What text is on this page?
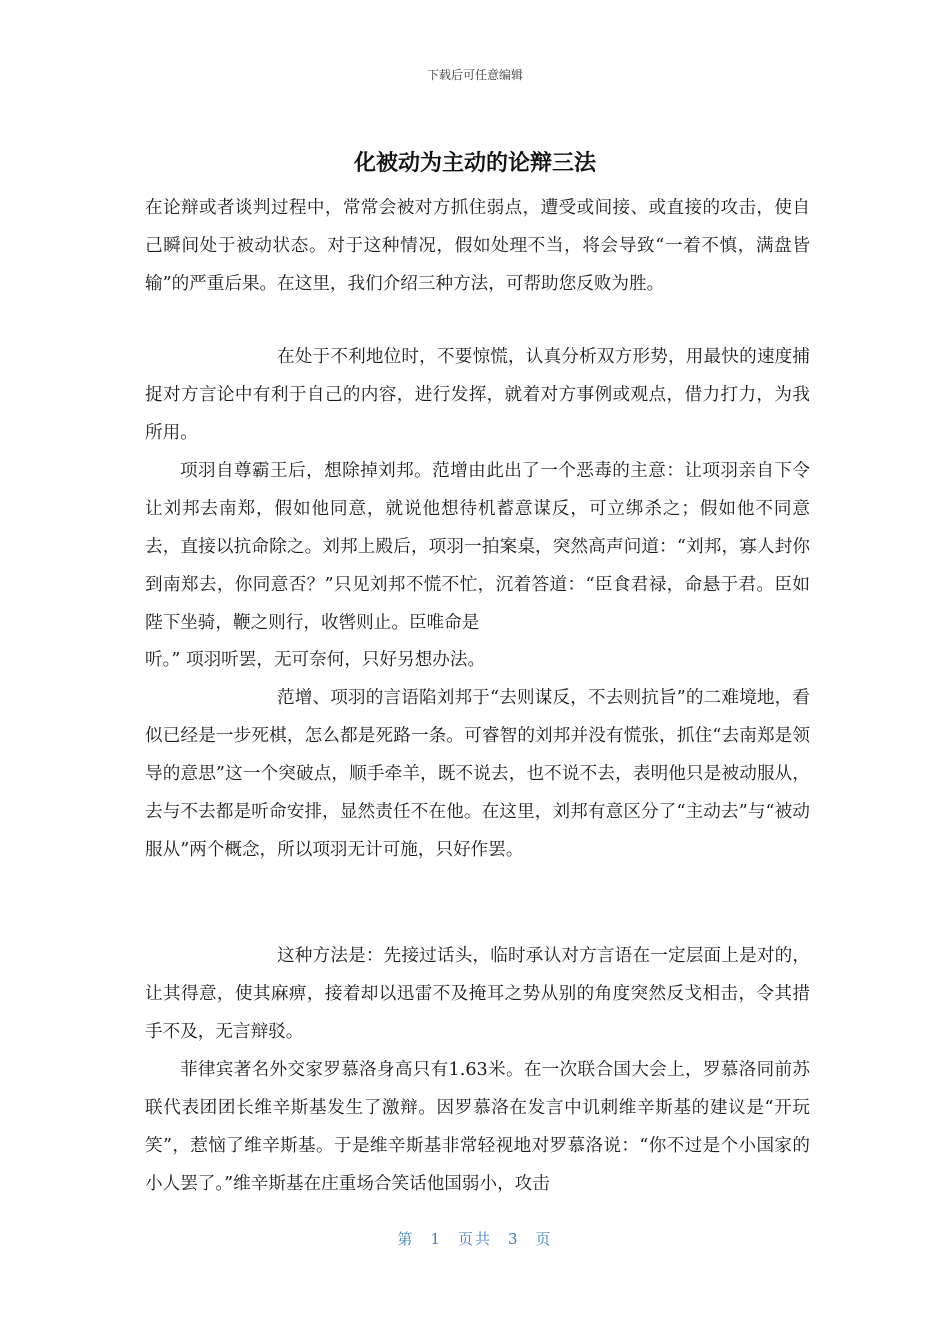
下载后可任意编辑
化被动为主动的论辩三法

在论辩或者谈判过程中，常常会被对方抓住弱点，遭受或间接、或直接的攻击，使自己瞬间处于被动状态。对于这种情况，假如处理不当，将会导致“一着不慎，满盘皆输”的严重后果。在这里，我们介绍三种方法，可帮助您反败为胜。

在处于不利地位时，不要惊慌，认真分析双方形势，用最快的速度捕捉对方言论中有利于自己的内容，进行发挥，就着对方事例或观点，借力打力，为我所用。

项羽自尊霸王后，想除掉刘邦。范增由此出了一个恶毒的主意：让项羽亲自下令让刘邦去南郑，假如他同意，就说他想待机蓄意谋反，可立绑杀之；假如他不同意去，直接以抗命除之。刘邦上殿后，项羽一拍案桌，突然高声问道：“刘邦，寡人封你到南郑去，你同意否？”只见刘邦不慌不忙，沉着答道：“臣食君禄，命悬于君。臣如陛下坐骑，鞭之则行，收辔则止。臣唯命是

听。” 项羽听罢，无可奈何，只好另想办法。

范增、项羽的言语陷刘邦于“去则谋反，不去则抗旨”的二难境地，看似已经是一步死棋，怎么都是死路一条。可睿智的刘邦并没有慌张，抓住“去南郑是领导的意思”这一个突破点，顺手牵羊，既不说去，也不说不去，表明他只是被动服从，去与不去都是听命安排，显然责任不在他。在这里，刘邦有意区分了“主动去”与“被动服从”两个概念，所以项羽无计可施，只好作罢。

这种方法是：先接过话头，临时承认对方言语在一定层面上是对的，让其得意，使其麻痹，接着却以迅雷不及掩耳之势从别的角度突然反戈相击，令其措手不及，无言辩驳。

菲律宾著名外交家罗慕洛身高只有1.63米。在一次联合国大会上，罗慕洛同前苏联代表团团长维辛斯基发生了激辩。因罗慕洛在发言中讥刺维辛斯基的建议是“开玩笑”，惹恼了维辛斯基。于是维辛斯基非常轻视地对罗慕洛说：“你不过是个小国家的小人罢了。”维辛斯基在庄重场合笑话他国弱小，攻击

第 1 页共 3 页
